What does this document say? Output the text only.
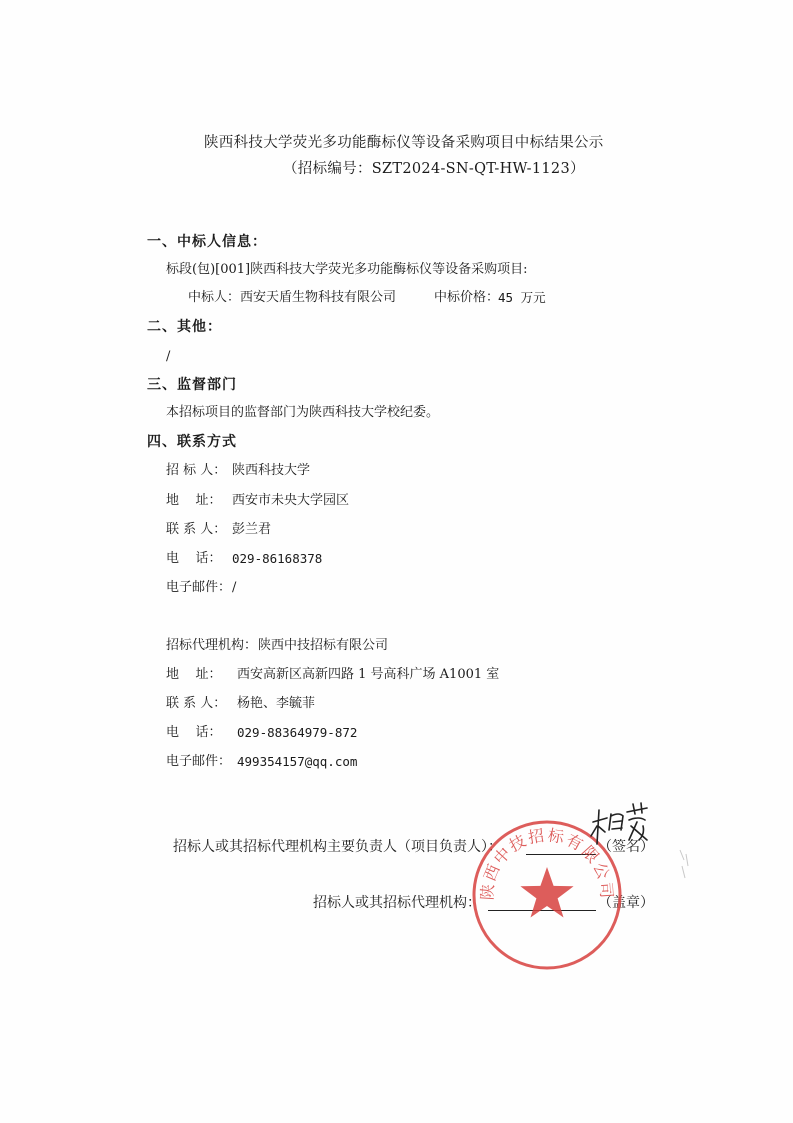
陕西科技大学荧光多功能酶标仪等设备采购项目中标结果公示
（招标编号：SZT2024-SN-QT-HW-1123）
一、中标人信息：
标段(包)[001]陕西科技大学荧光多功能酶标仪等设备采购项目:
中标人： 西安天盾生物科技有限公司	中标价格：
45 万元
二、其他：
/
三、监督部门
本招标项目的监督部门为陕西科技大学校纪委。
四、联系方式
招 标 人： 陕西科技大学
地    址： 西安市未央大学园区
联 系 人： 彭兰君
电    话： 029-86168378
电子邮件： /
招标代理机构： 陕西中技招标有限公司
地    址： 西安高新区高新四路 1 号高科广场 A1001 室
联 系 人： 杨艳、李毓菲
电    话： 029-88364979-872
电子邮件： 499354157@qq.com
招标人或其招标代理机构主要负责人（项目负责人）：	（签名）
招标人或其招标代理机构：	（盖章）
陕西中技招标有限公司
